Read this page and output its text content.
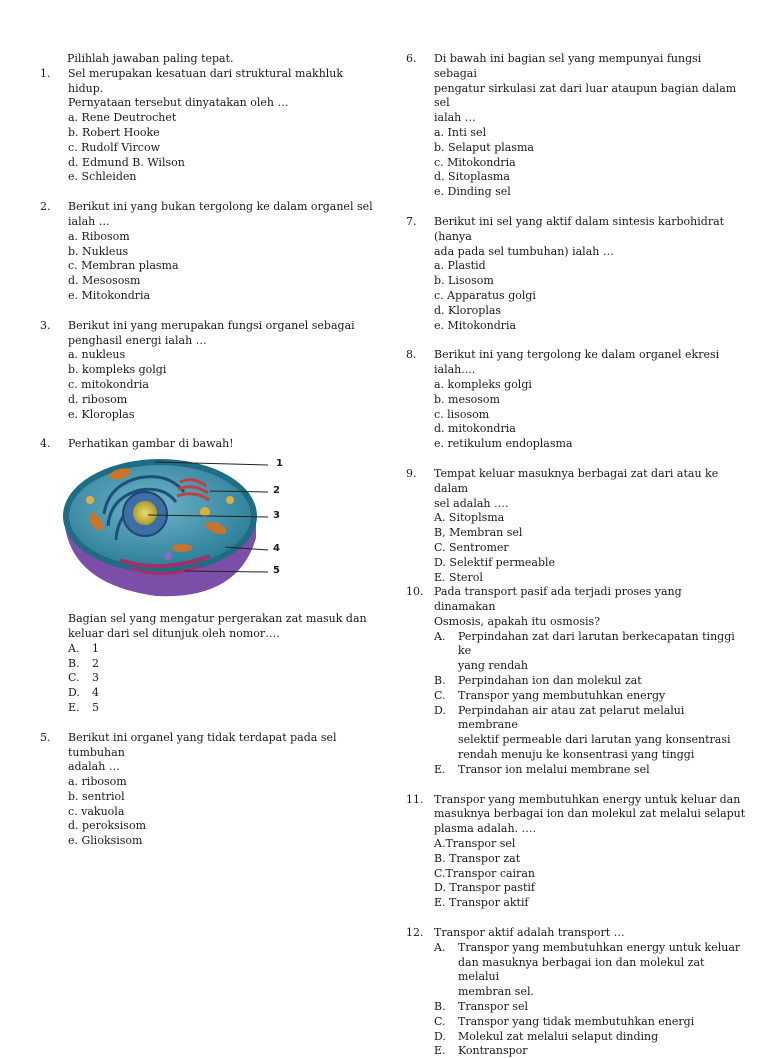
Pilihlah jawaban paling tepat.
1.	Sel merupakan kesatuan dari struktural makhluk hidup.
Pernyataan tersebut dinyatakan oleh …
a. Rene Deutrochet
b. Robert Hooke
c. Rudolf Vircow
d. Edmund B. Wilson
e. Schleiden
2.	Berikut ini yang bukan tergolong ke dalam organel sel
ialah …
a. Ribosom
b. Nukleus
c. Membran plasma
d. Mesososm
e. Mitokondria
3.	Berikut ini yang merupakan fungsi organel sebagai
penghasil energi ialah …
a. nukleus
b. kompleks golgi
c. mitokondria
d. ribosom
e. Kloroplas
4.	Perhatikan gambar di bawah!
1
2
3
4
5
Bagian sel yang mengatur pergerakan zat masuk dan
keluar dari sel ditunjuk oleh nomor….
A.	1
B.	2
C.	3
D.	4
E.	5
5.	Berikut ini organel yang tidak terdapat pada sel tumbuhan
adalah …
a. ribosom
b. sentriol
c. vakuola
d. peroksisom
e. Glioksisom
6.	Di bawah ini bagian sel yang mempunyai fungsi sebagai
pengatur sirkulasi zat dari luar ataupun bagian dalam sel
ialah …
a. Inti sel
b. Selaput plasma
c. Mitokondria
d. Sitoplasma
e. Dinding sel
7.	Berikut ini sel yang aktif dalam sintesis karbohidrat (hanya
ada pada sel tumbuhan) ialah …
a. Plastid
b. Lisosom
c. Apparatus golgi
d. Kloroplas
e. Mitokondria
8.	Berikut ini yang tergolong ke dalam organel ekresi ialah....
a. kompleks golgi
b. mesosom
c. lisosom
d. mitokondria
e. retikulum endoplasma
9.	Tempat keluar masuknya berbagai zat dari atau ke dalam
sel adalah ….
A. Sitoplsma
B, Membran sel
C. Sentromer
D. Selektif permeable
E. Sterol
10. Pada transport pasif ada terjadi proses yang dinamakan
Osmosis, apakah itu osmosis?
A.	Perpindahan zat dari larutan berkecapatan tinggi ke
yang rendah
B.	Perpindahan ion dan molekul zat
C.	Transpor yang membutuhkan energy
D.	Perpindahan air atau zat pelarut melalui membrane
selektif permeable dari larutan yang konsentrasi
rendah menuju ke konsentrasi yang tinggi
E.	Transor ion melalui membrane sel
11. Transpor yang membutuhkan energy untuk keluar dan
masuknya berbagai ion dan molekul zat melalui selaput
plasma adalah. ….
A.Transpor sel
B. Transpor zat
C.Transpor cairan
D. Transpor pastif
E. Transpor aktif
12. Transpor aktif adalah transport …
A.	Transpor yang membutuhkan energy untuk keluar
dan masuknya berbagai ion dan molekul zat melalui
membran sel.
B.	Transpor sel
C.	Transpor yang tidak membutuhkan energi
D.	Molekul zat melalui selaput dinding
E.	Kontranspor
